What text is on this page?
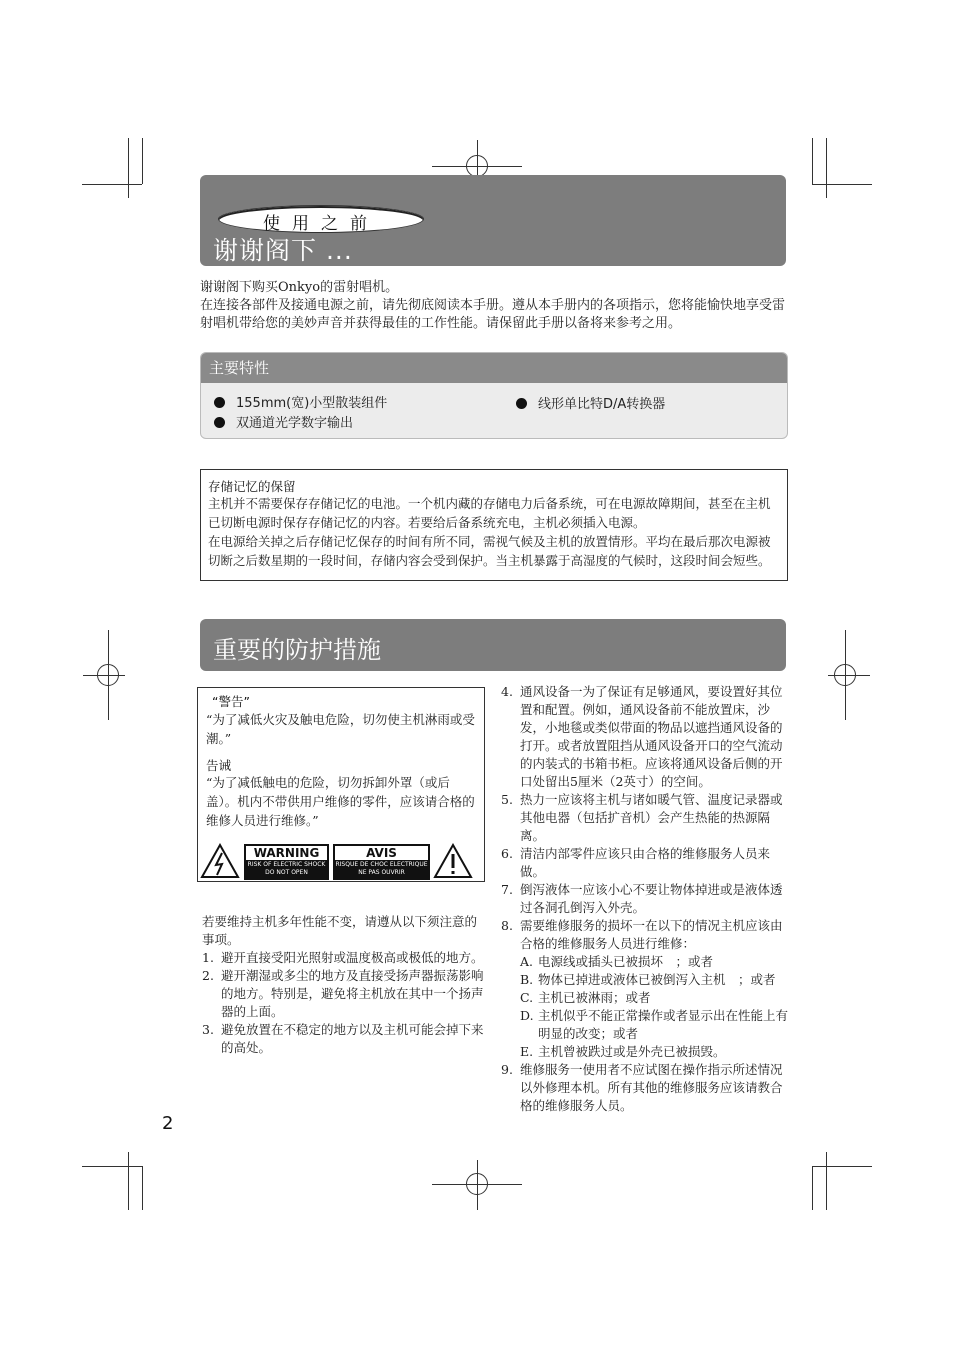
使用之前
谢谢阁下 ...
谢谢阁下购买Onkyo的雷射唱机。
在连接各部件及接通电源之前，请先彻底阅读本手册。遵从本手册内的各项指示，您将能愉快地享受雷射唱机带给您的美妙声音并获得最佳的工作性能。请保留此手册以备将来参考之用。
主要特性
155mm(宽)小型散装组件
双通道光学数字输出
线形单比特D/A转换器
存储记忆的保留
主机并不需要保存存储记忆的电池。一个机内藏的存储电力后备系统，可在电源故障期间，甚至在主机已切断电源时保存存储记忆的内容。若要给后备系统充电，主机必须插入电源。
在电源给关掉之后存储记忆保存的时间有所不同，需视气候及主机的放置情形。平均在最后那次电源被切断之后数星期的一段时间，存储内容会受到保护。当主机暴露于高湿度的气候时，这段时间会短些。
重要的防护措施
“警告”
“为了减低火灾及触电危险，切勿使主机淋雨或受潮。”
告诫
“为了减低触电的危险，切勿拆卸外罩（或后盖）。机内不带供用户维修的零件，应该请合格的维修人员进行维修。”
WARNING
RISK OF ELECTRIC SHOCK
DO NOT OPEN
AVIS
RISQUE DE CHOC ELECTRIQUE
NE PAS OUVRIR
若要维持主机多年性能不变，请遵从以下须注意的事项。
1. 避开直接受阳光照射或温度极高或极低的地方。
2. 避开潮湿或多尘的地方及直接受扬声器振荡影响的地方。特别是，避免将主机放在其中一个扬声器的上面。
3. 避免放置在不稳定的地方以及主机可能会掉下来的高处。
4. 通风设备一为了保证有足够通风，要设置好其位置和配置。例如，通风设备前不能放置床，沙发，小地毯或类似带面的物品以遮挡通风设备的打开。或者放置阻挡从通风设备开口的空气流动的内装式的书箱书柜。应该将通风设备后侧的开口处留出5厘米（2英寸）的空间。
5. 热力一应该将主机与诸如暖气管、温度记录器或其他电器（包括扩音机）会产生热能的热源隔离。
6. 清洁内部零件应该只由合格的维修服务人员来做。
7. 倒泻液体一应该小心不要让物体掉进或是液体透过各洞孔倒泻入外壳。
8. 需要维修服务的损坏一在以下的情况主机应该由合格的维修服务人员进行维修：
A. 电源线或插头已被损坏　；或者
B. 物体已掉进或液体已被倒泻入主机　；或者
C. 主机已被淋雨；或者
D. 主机似乎不能正常操作或者显示出在性能上有明显的改变；或者
E. 主机曾被跌过或是外壳已被损毁。
9. 维修服务一使用者不应试图在操作指示所述情况以外修理本机。所有其他的维修服务应该请教合格的维修服务人员。
2
